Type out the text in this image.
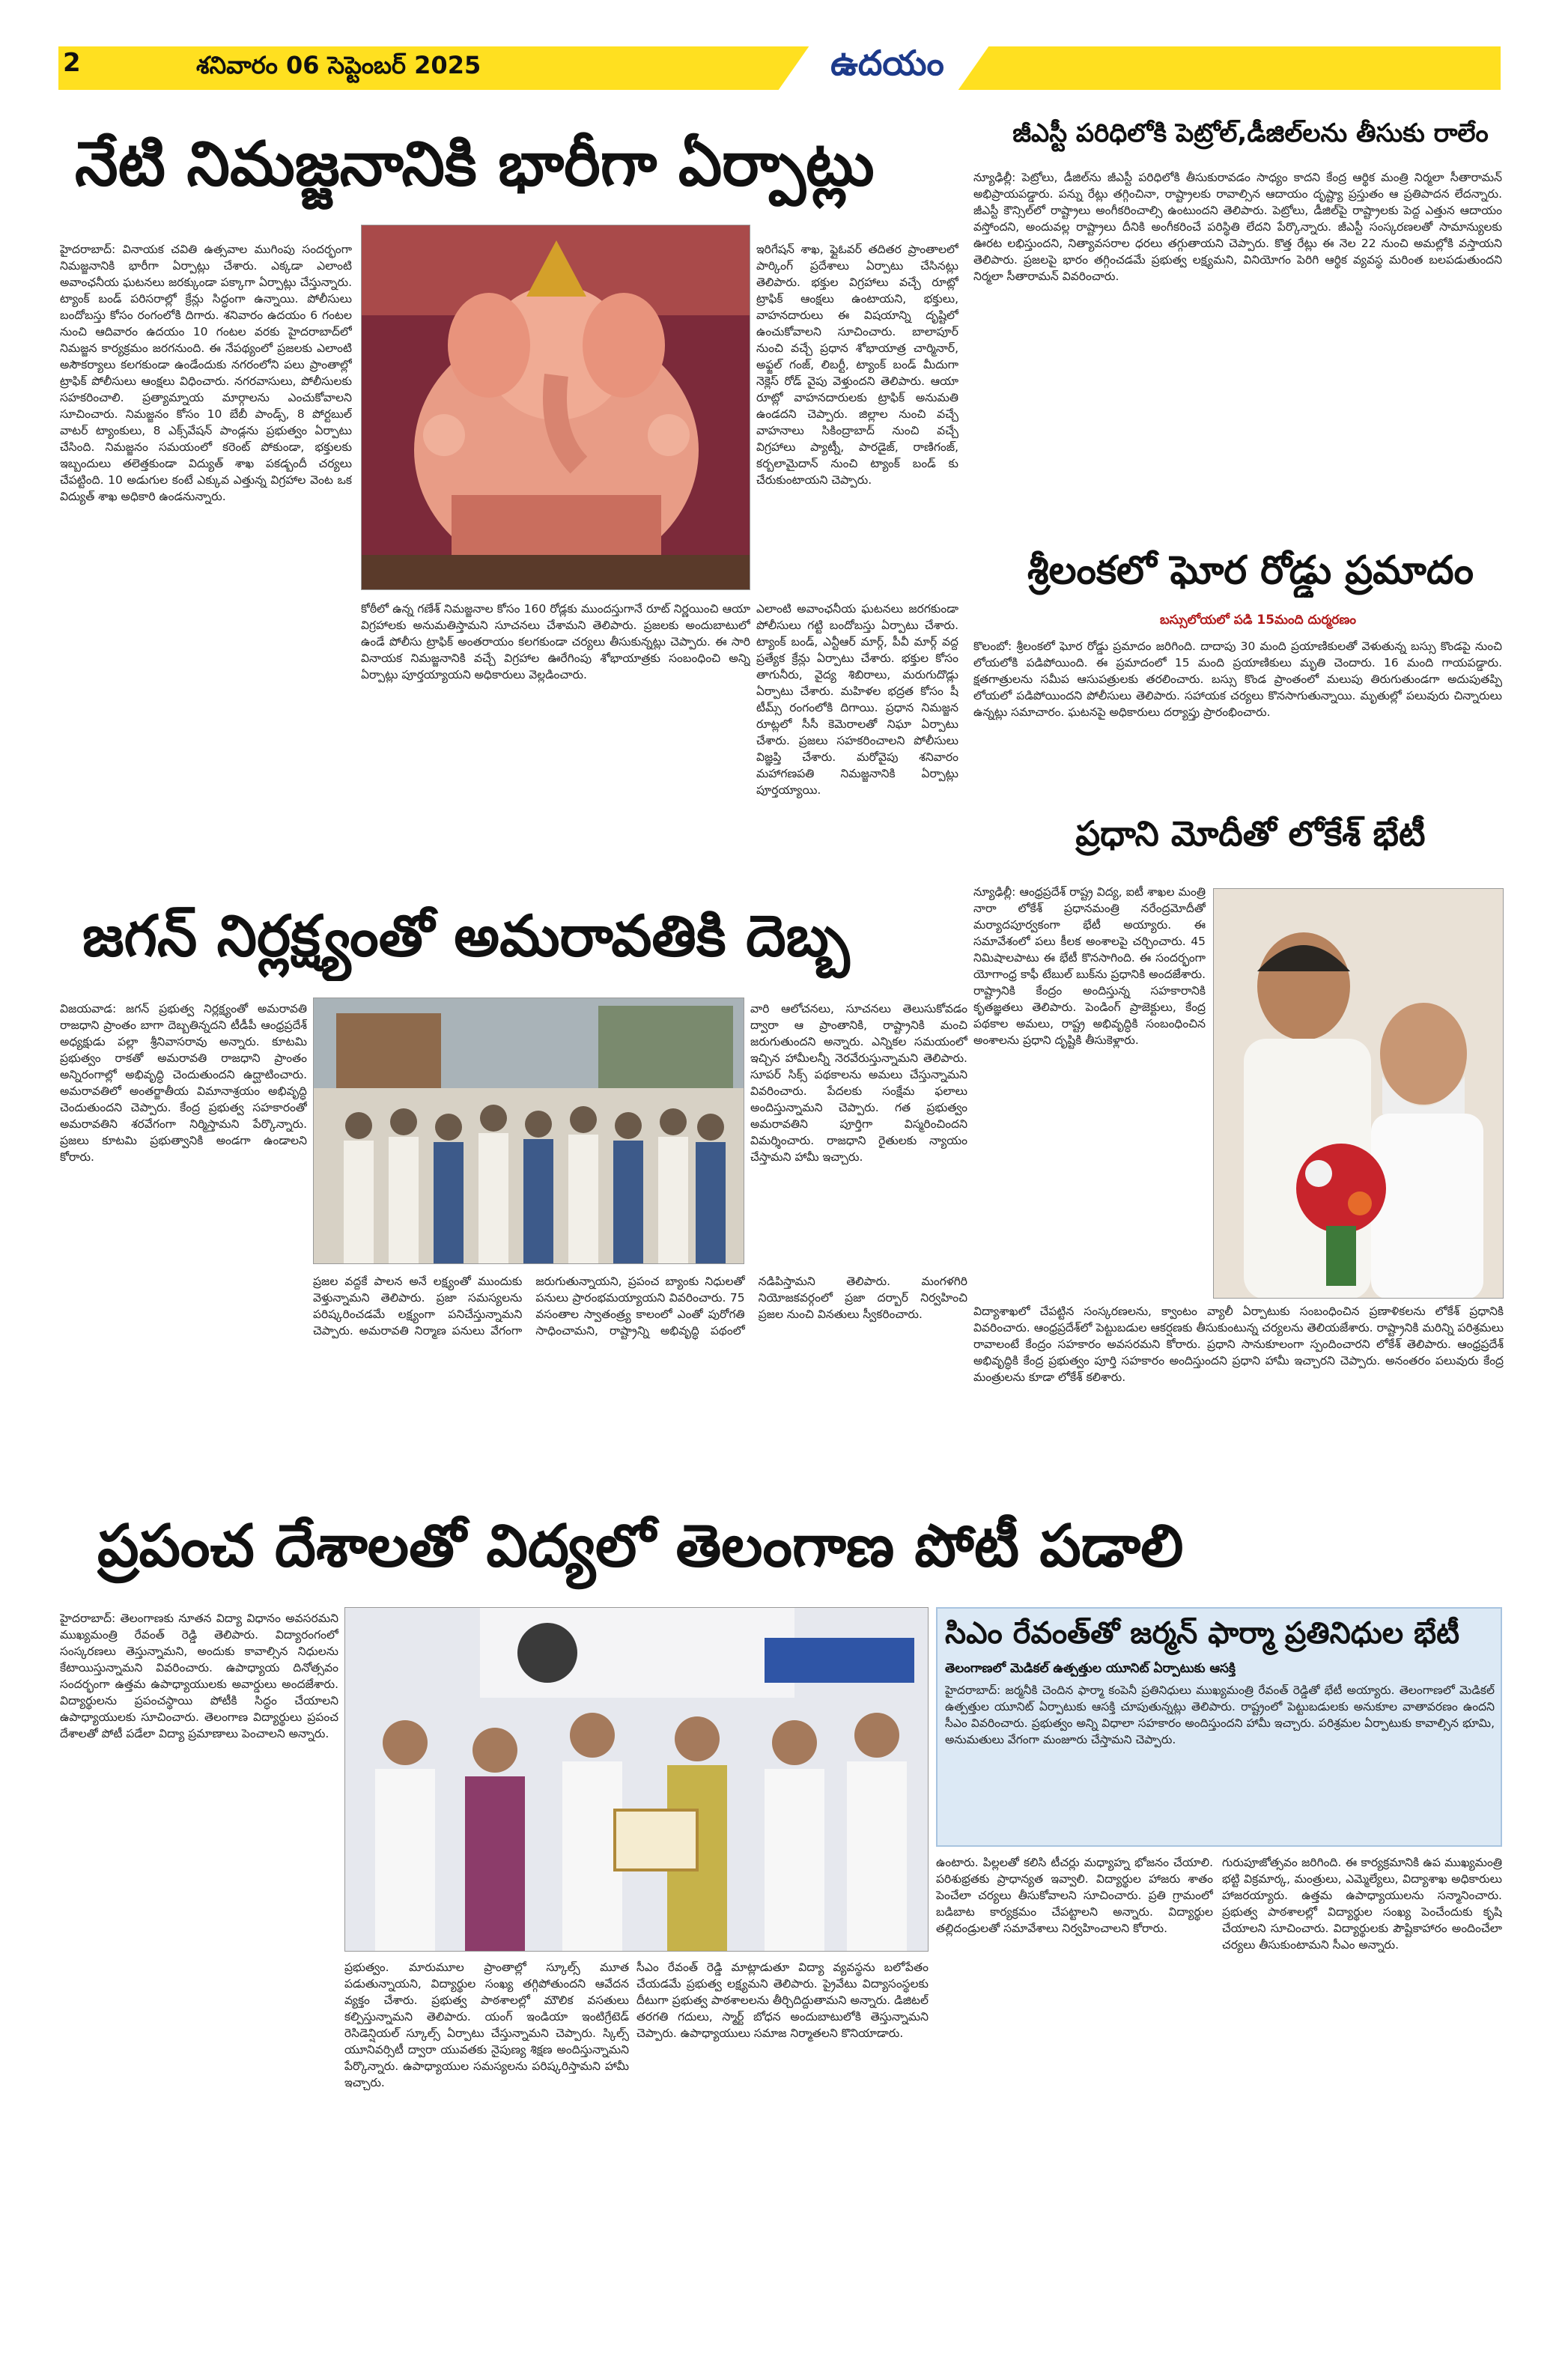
2	శనివారం 06 సెప్టెంబర్ 2025	ఉదయం
నేటి నిమజ్జనానికి భారీగా ఏర్పాట్లు
హైదరాబాద్: వినాయక చవితి ఉత్సవాల ముగింపు సందర్భంగా నిమజ్జనానికి భారీగా ఏర్పాట్లు చేశారు. ఎక్కడా ఎలాంటి అవాంఛనీయ ఘటనలు జరక్కుండా పక్కాగా ఏర్పాట్లు చేస్తున్నారు. ట్యాంక్ బండ్ పరిసరాల్లో క్రేన్లు సిద్ధంగా ఉన్నాయి. పోలీసులు బందోబస్తు కోసం రంగంలోకి దిగారు. శనివారం ఉదయం 6 గంటల నుంచి ఆదివారం ఉదయం 10 గంటల వరకు హైదరాబాద్‌లో నిమజ్జన కార్యక్రమం జరగనుంది. ఈ నేపథ్యంలో ప్రజలకు ఎలాంటి అసౌకర్యాలు కలగకుండా ఉండేందుకు నగరంలోని పలు ప్రాంతాల్లో ట్రాఫిక్ పోలీసులు ఆంక్షలు విధించారు. నగరవాసులు, పోలీసులకు సహకరించాలి. ప్రత్యామ్నాయ మార్గాలను ఎంచుకోవాలని సూచించారు. నిమజ్జనం కోసం 10 బేబీ పాండ్స్, 8 పోర్టబుల్ వాటర్ ట్యాంకులు, 8 ఎక్స్‌వేషన్ పాండ్లను ప్రభుత్వం ఏర్పాటు చేసింది. నిమజ్జనం సమయంలో కరెంట్ పోకుండా, భక్తులకు ఇబ్బందులు తలెత్తకుండా విద్యుత్ శాఖ పకడ్బందీ చర్యలు చేపట్టింది. 10 అడుగుల కంటే ఎక్కువ ఎత్తున్న విగ్రహాల వెంట ఒక విద్యుత్ శాఖ అధికారి ఉండనున్నారు.
కోఠీలో ఉన్న గణేశ్ నిమజ్జనాల కోసం 160 రోడ్లకు ముందస్తుగానే రూట్ నిర్ణయించి ఆయా విగ్రహాలకు అనుమతిస్తామని సూచనలు చేశామని తెలిపారు. ప్రజలకు అందుబాటులో ఉండే పోలీసు ట్రాఫిక్ అంతరాయం కలగకుండా చర్యలు తీసుకున్నట్లు చెప్పారు. ఈ సారి వినాయక నిమజ్జనానికి వచ్చే విగ్రహాల ఊరేగింపు శోభాయాత్రకు సంబంధించి అన్ని ఏర్పాట్లు పూర్తయ్యాయని అధికారులు వెల్లడించారు.
ఇరిగేషన్ శాఖ, ఫ్లైఓవర్ తదితర ప్రాంతాలలో పార్కింగ్ ప్రదేశాలు ఏర్పాటు చేసినట్లు తెలిపారు. భక్తుల విగ్రహాలు వచ్చే రూట్లో ట్రాఫిక్ ఆంక్షలు ఉంటాయని, భక్తులు, వాహనదారులు ఈ విషయాన్ని దృష్టిలో ఉంచుకోవాలని సూచించారు. బాలాపూర్ నుంచి వచ్చే ప్రధాన శోభాయాత్ర చార్మినార్, అఫ్జల్ గంజ్, లిబర్టీ, ట్యాంక్ బండ్ మీదుగా నెక్లెస్ రోడ్ వైపు వెళ్తుందని తెలిపారు. ఆయా రూట్లో వాహనదారులకు ట్రాఫిక్ అనుమతి ఉండదని చెప్పారు. జిల్లాల నుంచి వచ్చే వాహనాలు సికింద్రాబాద్ నుంచి వచ్చే విగ్రహాలు ప్యాట్నీ, పారడైజ్, రాణిగంజ్, కర్బలామైదాన్ నుంచి ట్యాంక్ బండ్ కు చేరుకుంటాయని చెప్పారు.
ఎలాంటి అవాంఛనీయ ఘటనలు జరగకుండా పోలీసులు గట్టి బందోబస్తు ఏర్పాటు చేశారు. ట్యాంక్ బండ్, ఎన్టీఆర్ మార్గ్, పీవీ మార్గ్ వద్ద ప్రత్యేక క్రేన్లు ఏర్పాటు చేశారు. భక్తుల కోసం తాగునీరు, వైద్య శిబిరాలు, మరుగుదొడ్లు ఏర్పాటు చేశారు. మహిళల భద్రత కోసం షీ టీమ్స్ రంగంలోకి దిగాయి. ప్రధాన నిమజ్జన రూట్లలో సీసీ కెమెరాలతో నిఘా ఏర్పాటు చేశారు. ప్రజలు సహకరించాలని పోలీసులు విజ్ఞప్తి చేశారు. మరోవైపు శనివారం మహాగణపతి నిమజ్జనానికి ఏర్పాట్లు పూర్తయ్యాయి.
జీఎస్టీ పరిధిలోకి పెట్రోల్,డీజిల్‌లను తీసుకు రాలేం
న్యూఢిల్లీ: పెట్రోలు, డీజిల్‌ను జీఎస్టీ పరిధిలోకి తీసుకురావడం సాధ్యం కాదని కేంద్ర ఆర్థిక మంత్రి నిర్మలా సీతారామన్ అభిప్రాయపడ్డారు. పన్ను రేట్లు తగ్గించినా, రాష్ట్రాలకు రావాల్సిన ఆదాయం దృష్ట్యా ప్రస్తుతం ఆ ప్రతిపాదన లేదన్నారు. జీఎస్టీ కౌన్సిల్‌లో రాష్ట్రాలు అంగీకరించాల్సి ఉంటుందని తెలిపారు. పెట్రోలు, డీజిల్‌పై రాష్ట్రాలకు పెద్ద ఎత్తున ఆదాయం వస్తోందని, అందువల్ల రాష్ట్రాలు దీనికి అంగీకరించే పరిస్థితి లేదని పేర్కొన్నారు. జీఎస్టీ సంస్కరణలతో సామాన్యులకు ఊరట లభిస్తుందని, నిత్యావసరాల ధరలు తగ్గుతాయని చెప్పారు. కొత్త రేట్లు ఈ నెల 22 నుంచి అమల్లోకి వస్తాయని తెలిపారు. ప్రజలపై భారం తగ్గించడమే ప్రభుత్వ లక్ష్యమని, వినియోగం పెరిగి ఆర్థిక వ్యవస్థ మరింత బలపడుతుందని నిర్మలా సీతారామన్ వివరించారు.
శ్రీలంకలో ఘోర రోడ్డు ప్రమాదం
బస్సులోయలో పడి 15మంది దుర్మరణం
కొలంబో: శ్రీలంకలో ఘోర రోడ్డు ప్రమాదం జరిగింది. దాదాపు 30 మంది ప్రయాణికులతో వెళుతున్న బస్సు కొండపై నుంచి లోయలోకి పడిపోయింది. ఈ ప్రమాదంలో 15 మంది ప్రయాణికులు మృతి చెందారు. 16 మంది గాయపడ్డారు. క్షతగాత్రులను సమీప ఆసుపత్రులకు తరలించారు. బస్సు కొండ ప్రాంతంలో మలుపు తిరుగుతుండగా అదుపుతప్పి లోయలో పడిపోయిందని పోలీసులు తెలిపారు. సహాయక చర్యలు కొనసాగుతున్నాయి. మృతుల్లో పలువురు చిన్నారులు ఉన్నట్లు సమాచారం. ఘటనపై అధికారులు దర్యాప్తు ప్రారంభించారు.
ప్రధాని మోదీతో లోకేశ్ భేటీ
న్యూఢిల్లీ: ఆంధ్రప్రదేశ్ రాష్ట్ర విద్య, ఐటీ శాఖల మంత్రి నారా లోకేశ్ ప్రధానమంత్రి నరేంద్రమోదీతో మర్యాదపూర్వకంగా భేటీ అయ్యారు. ఈ సమావేశంలో పలు కీలక అంశాలపై చర్చించారు. 45 నిమిషాలపాటు ఈ భేటీ కొనసాగింది. ఈ సందర్భంగా యోగాంధ్ర కాఫీ టేబుల్ బుక్‌ను ప్రధానికి అందజేశారు. రాష్ట్రానికి కేంద్రం అందిస్తున్న సహకారానికి కృతజ్ఞతలు తెలిపారు. పెండింగ్ ప్రాజెక్టులు, కేంద్ర పథకాల అమలు, రాష్ట్ర అభివృద్ధికి సంబంధించిన అంశాలను ప్రధాని దృష్టికి తీసుకెళ్లారు.
విద్యాశాఖలో చేపట్టిన సంస్కరణలను, క్వాంటం వ్యాలీ ఏర్పాటుకు సంబంధించిన ప్రణాళికలను లోకేశ్ ప్రధానికి వివరించారు. ఆంధ్రప్రదేశ్‌లో పెట్టుబడుల ఆకర్షణకు తీసుకుంటున్న చర్యలను తెలియజేశారు. రాష్ట్రానికి మరిన్ని పరిశ్రమలు రావాలంటే కేంద్రం సహకారం అవసరమని కోరారు. ప్రధాని సానుకూలంగా స్పందించారని లోకేశ్ తెలిపారు. ఆంధ్రప్రదేశ్ అభివృద్ధికి కేంద్ర ప్రభుత్వం పూర్తి సహకారం అందిస్తుందని ప్రధాని హామీ ఇచ్చారని చెప్పారు. అనంతరం పలువురు కేంద్ర మంత్రులను కూడా లోకేశ్ కలిశారు.
జగన్ నిర్లక్ష్యంతో అమరావతికి దెబ్బ
విజయవాడ: జగన్ ప్రభుత్వ నిర్లక్ష్యంతో అమరావతి రాజధాని ప్రాంతం బాగా దెబ్బతిన్నదని టీడీపీ ఆంధ్రప్రదేశ్ అధ్యక్షుడు పల్లా శ్రీనివాసరావు అన్నారు. కూటమి ప్రభుత్వం రాకతో అమరావతి రాజధాని ప్రాంతం అన్నిరంగాల్లో అభివృద్ధి చెందుతుందని ఉద్ఘాటించారు. అమరావతిలో అంతర్జాతీయ విమానాశ్రయం అభివృద్ధి చెందుతుందని చెప్పారు. కేంద్ర ప్రభుత్వ సహకారంతో అమరావతిని శరవేగంగా నిర్మిస్తామని పేర్కొన్నారు. ప్రజలు కూటమి ప్రభుత్వానికి అండగా ఉండాలని కోరారు.
వారి ఆలోచనలు, సూచనలు తెలుసుకోవడం ద్వారా ఆ ప్రాంతానికి, రాష్ట్రానికి మంచి జరుగుతుందని అన్నారు. ఎన్నికల సమయంలో ఇచ్చిన హామీలన్నీ నెరవేరుస్తున్నామని తెలిపారు. సూపర్ సిక్స్ పథకాలను అమలు చేస్తున్నామని వివరించారు. పేదలకు సంక్షేమ ఫలాలు అందిస్తున్నామని చెప్పారు. గత ప్రభుత్వం అమరావతిని పూర్తిగా విస్మరించిందని విమర్శించారు. రాజధాని రైతులకు న్యాయం చేస్తామని హామీ ఇచ్చారు.
ప్రజల వద్దకే పాలన అనే లక్ష్యంతో ముందుకు వెళ్తున్నామని తెలిపారు. ప్రజా సమస్యలను పరిష్కరించడమే లక్ష్యంగా పనిచేస్తున్నామని చెప్పారు. అమరావతి నిర్మాణ పనులు వేగంగా జరుగుతున్నాయని, ప్రపంచ బ్యాంకు నిధులతో పనులు ప్రారంభమయ్యాయని వివరించారు. 75 వసంతాల స్వాతంత్ర్య కాలంలో ఎంతో పురోగతి సాధించామని, రాష్ట్రాన్ని అభివృద్ధి పథంలో నడిపిస్తామని తెలిపారు. మంగళగిరి నియోజకవర్గంలో ప్రజా దర్బార్ నిర్వహించి ప్రజల నుంచి వినతులు స్వీకరించారు.
ప్రపంచ దేశాలతో విద్యలో తెలంగాణ పోటీ పడాలి
హైదరాబాద్: తెలంగాణకు నూతన విద్యా విధానం అవసరమని ముఖ్యమంత్రి రేవంత్ రెడ్డి తెలిపారు. విద్యారంగంలో సంస్కరణలు తెస్తున్నామని, అందుకు కావాల్సిన నిధులను కేటాయిస్తున్నామని వివరించారు. ఉపాధ్యాయ దినోత్సవం సందర్భంగా ఉత్తమ ఉపాధ్యాయులకు అవార్డులు అందజేశారు. విద్యార్థులను ప్రపంచస్థాయి పోటీకి సిద్ధం చేయాలని ఉపాధ్యాయులకు సూచించారు. తెలంగాణ విద్యార్థులు ప్రపంచ దేశాలతో పోటీ పడేలా విద్యా ప్రమాణాలు పెంచాలని అన్నారు.
సిఎం రేవంత్‌తో జర్మన్ ఫార్మా ప్రతినిధుల భేటీ
తెలంగాణలో మెడికల్ ఉత్పత్తుల యూనిట్ ఏర్పాటుకు ఆసక్తి
హైదరాబాద్: జర్మనీకి చెందిన ఫార్మా కంపెనీ ప్రతినిధులు ముఖ్యమంత్రి రేవంత్ రెడ్డితో భేటీ అయ్యారు. తెలంగాణలో మెడికల్ ఉత్పత్తుల యూనిట్ ఏర్పాటుకు ఆసక్తి చూపుతున్నట్లు తెలిపారు. రాష్ట్రంలో పెట్టుబడులకు అనుకూల వాతావరణం ఉందని సీఎం వివరించారు. ప్రభుత్వం అన్ని విధాలా సహకారం అందిస్తుందని హామీ ఇచ్చారు. పరిశ్రమల ఏర్పాటుకు కావాల్సిన భూమి, అనుమతులు వేగంగా మంజూరు చేస్తామని చెప్పారు.
ప్రభుత్వం. మారుమూల ప్రాంతాల్లో స్కూల్స్ మూత పడుతున్నాయని, విద్యార్థుల సంఖ్య తగ్గిపోతుందని ఆవేదన వ్యక్తం చేశారు. ప్రభుత్వ పాఠశాలల్లో మౌలిక వసతులు కల్పిస్తున్నామని తెలిపారు. యంగ్ ఇండియా ఇంటిగ్రేటెడ్ రెసిడెన్షియల్ స్కూల్స్ ఏర్పాటు చేస్తున్నామని చెప్పారు. స్కిల్స్ యూనివర్సిటీ ద్వారా యువతకు నైపుణ్య శిక్షణ అందిస్తున్నామని పేర్కొన్నారు. ఉపాధ్యాయుల సమస్యలను పరిష్కరిస్తామని హామీ ఇచ్చారు.
సీఎం రేవంత్ రెడ్డి మాట్లాడుతూ విద్యా వ్యవస్థను బలోపేతం చేయడమే ప్రభుత్వ లక్ష్యమని తెలిపారు. ప్రైవేటు విద్యాసంస్థలకు దీటుగా ప్రభుత్వ పాఠశాలలను తీర్చిదిద్దుతామని అన్నారు. డిజిటల్ తరగతి గదులు, స్మార్ట్ బోధన అందుబాటులోకి తెస్తున్నామని చెప్పారు. ఉపాధ్యాయులు సమాజ నిర్మాతలని కొనియాడారు.
ఉంటారు. పిల్లలతో కలిసి టీచర్లు మధ్యాహ్న భోజనం చేయాలి. పరిశుభ్రతకు ప్రాధాన్యత ఇవ్వాలి. విద్యార్థుల హాజరు శాతం పెంచేలా చర్యలు తీసుకోవాలని సూచించారు. ప్రతి గ్రామంలో బడిబాట కార్యక్రమం చేపట్టాలని అన్నారు. విద్యార్థుల తల్లిదండ్రులతో సమావేశాలు నిర్వహించాలని కోరారు.
గురుపూజోత్సవం జరిగింది. ఈ కార్యక్రమానికి ఉప ముఖ్యమంత్రి భట్టి విక్రమార్క, మంత్రులు, ఎమ్మెల్యేలు, విద్యాశాఖ అధికారులు హాజరయ్యారు. ఉత్తమ ఉపాధ్యాయులను సన్మానించారు. ప్రభుత్వ పాఠశాలల్లో విద్యార్థుల సంఖ్య పెంచేందుకు కృషి చేయాలని సూచించారు. విద్యార్థులకు పౌష్టికాహారం అందించేలా చర్యలు తీసుకుంటామని సీఎం అన్నారు.
